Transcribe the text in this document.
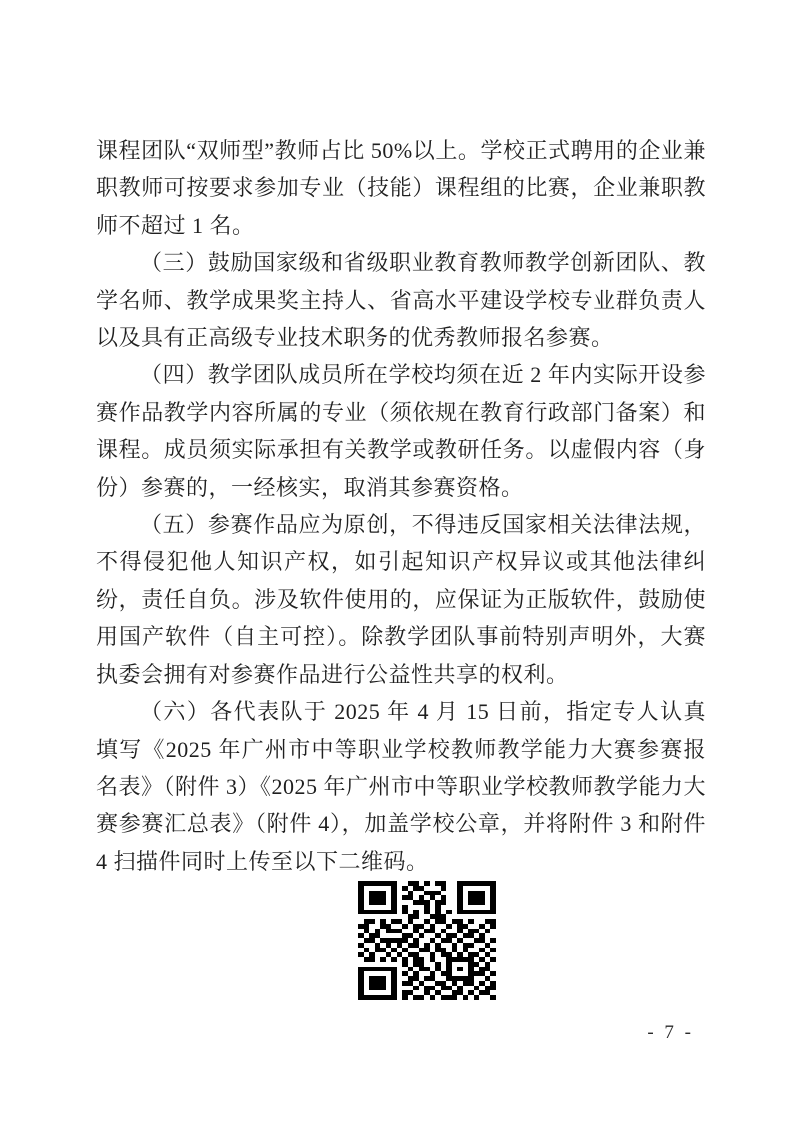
课程团队“双师型”教师占比 50%以上。学校正式聘用的企业兼职教师可按要求参加专业（技能）课程组的比赛，企业兼职教师不超过 1 名。

（三）鼓励国家级和省级职业教育教师教学创新团队、教学名师、教学成果奖主持人、省高水平建设学校专业群负责人以及具有正高级专业技术职务的优秀教师报名参赛。

（四）教学团队成员所在学校均须在近 2 年内实际开设参赛作品教学内容所属的专业（须依规在教育行政部门备案）和课程。成员须实际承担有关教学或教研任务。以虚假内容（身份）参赛的，一经核实，取消其参赛资格。

（五）参赛作品应为原创，不得违反国家相关法律法规，不得侵犯他人知识产权，如引起知识产权异议或其他法律纠纷，责任自负。涉及软件使用的，应保证为正版软件，鼓励使用国产软件（自主可控）。除教学团队事前特别声明外，大赛执委会拥有对参赛作品进行公益性共享的权利。

（六）各代表队于 2025 年 4 月 15 日前，指定专人认真填写《2025 年广州市中等职业学校教师教学能力大赛参赛报名表》（附件 3）《2025 年广州市中等职业学校教师教学能力大赛参赛汇总表》（附件 4），加盖学校公章，并将附件 3 和附件 4 扫描件同时上传至以下二维码。

- 7 -
